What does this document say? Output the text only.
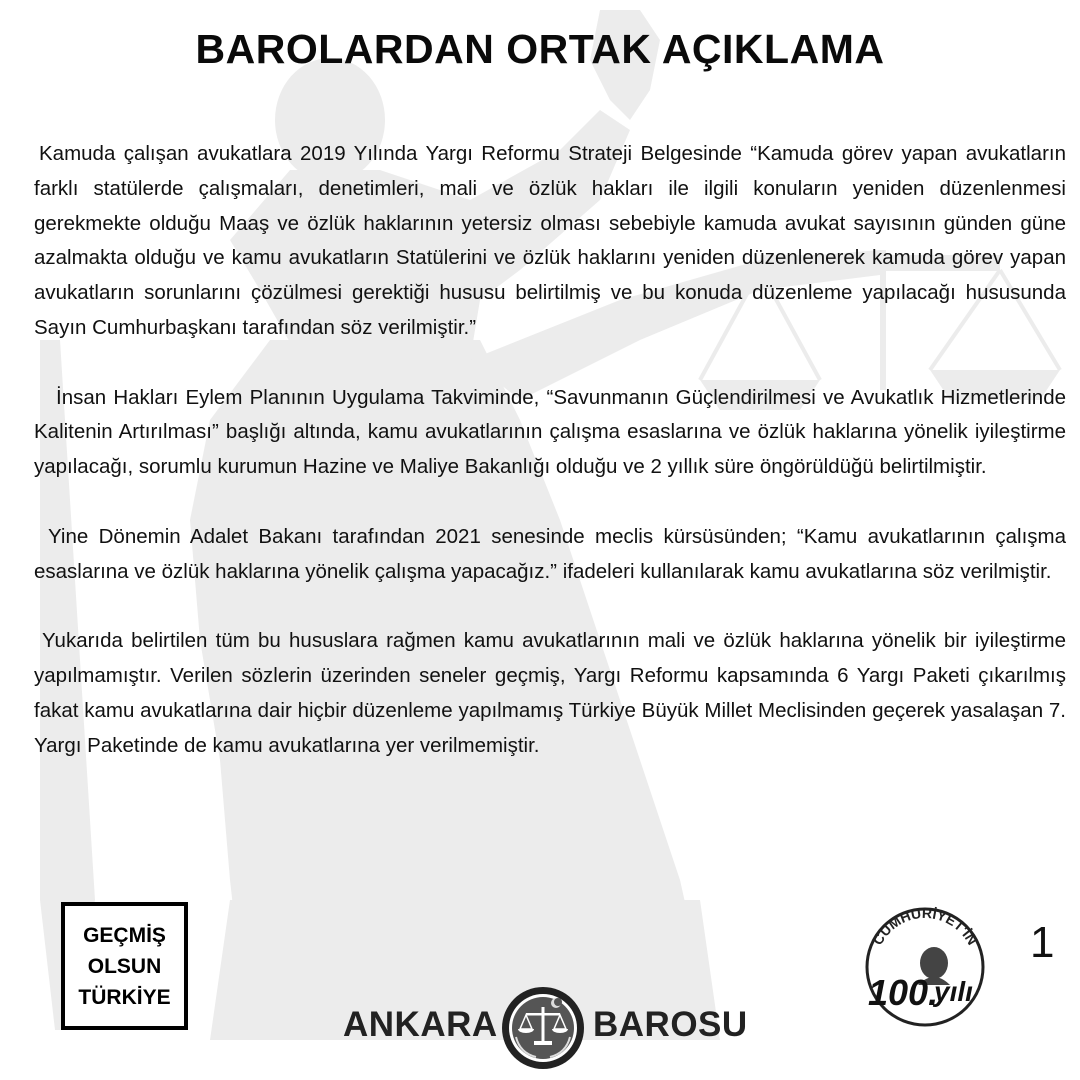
BAROLARDAN ORTAK AÇIKLAMA

Kamuda çalışan avukatlara 2019 Yılında Yargı Reformu Strateji Belgesinde “Kamuda görev yapan avukatların farklı statülerde çalışmaları, denetimleri, mali ve özlük hakları ile ilgili konuların yeniden düzenlenmesi gerekmekte olduğu Maaş ve özlük haklarının yetersiz olması sebebiyle kamuda avukat sayısının günden güne azalmakta olduğu ve kamu avukatların Statülerini ve özlük haklarını yeniden düzenlenerek kamuda görev yapan avukatların sorunlarını çözülmesi gerektiği hususu belirtilmiş ve bu konuda düzenleme yapılacağı hususunda Sayın Cumhurbaşkanı tarafından söz verilmiştir.”

İnsan Hakları Eylem Planının Uygulama Takviminde, “Savunmanın Güçlendirilmesi ve Avukatlık Hizmetlerinde Kalitenin Artırılması” başlığı altında, kamu avukatlarının çalışma esaslarına ve özlük haklarına yönelik iyileştirme yapılacağı, sorumlu kurumun Hazine ve Maliye Bakanlığı olduğu ve 2 yıllık süre öngörüldüğü belirtilmiştir.

Yine Dönemin Adalet Bakanı tarafından 2021 senesinde meclis kürsüsünden; “Kamu avukatlarının çalışma esaslarına ve özlük haklarına yönelik çalışma yapacağız.” ifadeleri kullanılarak kamu avukatlarına söz verilmiştir.

Yukarıda belirtilen tüm bu hususlara rağmen kamu avukatlarının mali ve özlük haklarına yönelik bir iyileştirme yapılmamıştır. Verilen sözlerin üzerinden seneler geçmiş, Yargı Reformu kapsamında 6 Yargı Paketi çıkarılmış fakat kamu avukatlarına dair hiçbir düzenleme yapılmamış Türkiye Büyük Millet Meclisinden geçerek yasalaşan 7. Yargı Paketinde de kamu avukatlarına yer verilmemiştir.

GEÇMİŞ
OLSUN
TÜRKİYE
ANKARA	BAROSU
CUMHURİYET'İN
100.
yılı
1
